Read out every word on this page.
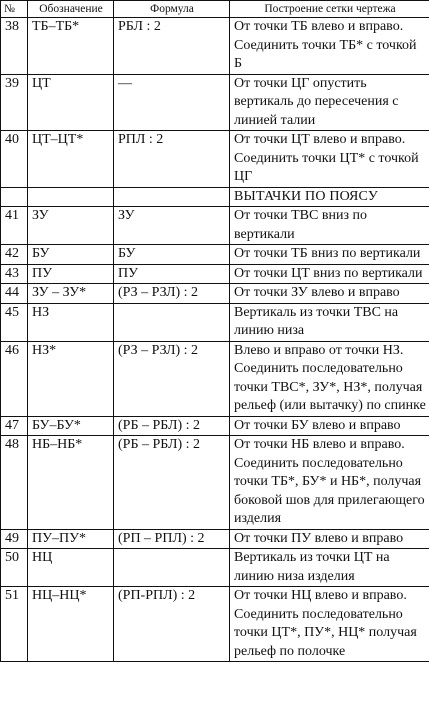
№	Обозначение	Формула	Построение сетки чертежа
38	ТБ–ТБ*	РБЛ : 2	От точки ТБ влево и вправо. Соединить точки ТБ* с точкой Б
39	ЦТ	—	От точки ЦГ опустить вертикаль до пересечения с линией талии
40	ЦТ–ЦТ*	РПЛ : 2	От точки ЦТ влево и вправо. Соединить точки ЦТ* с точкой ЦГ
			ВЫТАЧКИ ПО ПОЯСУ
41	ЗУ	ЗУ	От точки ТВС вниз по вертикали
42	БУ	БУ	От точки ТБ вниз по вертикали
43	ПУ	ПУ	От точки ЦТ вниз по вертикали
44	ЗУ – ЗУ*	(РЗ – РЗЛ) : 2	От точки ЗУ влево и вправо
45	НЗ		Вертикаль из точки ТВС на линию низа
46	НЗ*	(РЗ – РЗЛ) : 2	Влево и вправо от точки НЗ. Соединить последовательно точки ТВС*, ЗУ*, НЗ*, получая рельеф (или вытачку) по спинке
47	БУ–БУ*	(РБ – РБЛ) : 2	От точки БУ влево и вправо
48	НБ–НБ*	(РБ – РБЛ) : 2	От точки НБ влево и вправо. Соединить последовательно точки ТБ*, БУ* и НБ*, получая боковой шов для прилегающего изделия
49	ПУ–ПУ*	(РП – РПЛ) : 2	От точки ПУ влево и вправо
50	НЦ		Вертикаль из точки ЦТ на линию низа изделия
51	НЦ–НЦ*	(РП-РПЛ) : 2	От точки НЦ влево и вправо. Соединить последовательно точки ЦТ*, ПУ*, НЦ* получая рельеф по полочке
